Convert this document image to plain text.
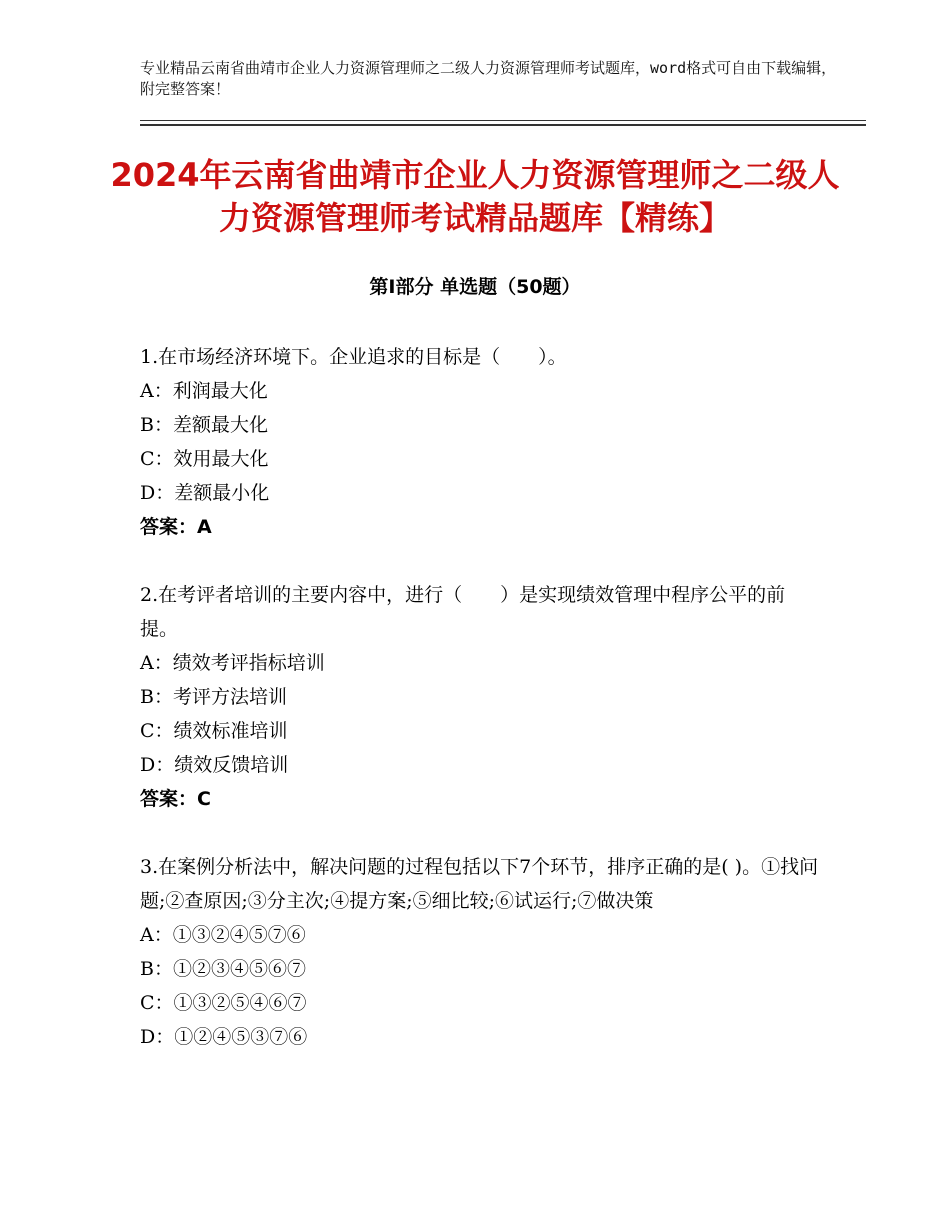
专业精品云南省曲靖市企业人力资源管理师之二级人力资源管理师考试题库，word格式可自由下载编辑，附完整答案！
2024年云南省曲靖市企业人力资源管理师之二级人力资源管理师考试精品题库【精练】
第Ⅰ部分 单选题（50题）

1.在市场经济环境下。企业追求的目标是（　　）。

A：利润最大化

B：差额最大化

C：效用最大化

D：差额最小化

答案：A

2.在考评者培训的主要内容中，进行（　　）是实现绩效管理中程序公平的前提。

A：绩效考评指标培训

B：考评方法培训

C：绩效标准培训

D：绩效反馈培训

答案：C

3.在案例分析法中，解决问题的过程包括以下7个环节，排序正确的是( )。①找问题;②查原因;③分主次;④提方案;⑤细比较;⑥试运行;⑦做决策

A：①③②④⑤⑦⑥

B：①②③④⑤⑥⑦

C：①③②⑤④⑥⑦

D：①②④⑤③⑦⑥
